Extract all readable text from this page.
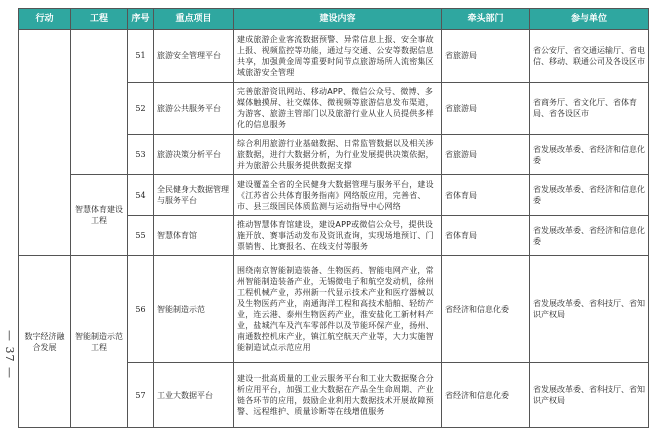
— 37 —
行动	工程	序号	重点项目	建设内容	牵头部门	参与单位
		51	旅游安全管理平台	建成旅游企业客流数据预警、异常信息上报、安全事故上报、视频监控等功能，通过与交通、公安等数据信息共享，加强黄金周等重要时间节点旅游场所人流密集区域旅游安全管理	省旅游局	省公安厅、省交通运输厅、省电信、移动、联通公司及各设区市
		52	旅游公共服务平台	完善旅游资讯网站、移动APP、微信公众号、微博、多媒体触摸屏、社交媒体、微视频等旅游信息发布渠道，为游客、旅游主管部门以及旅游行业从业人员提供多样化的信息服务	省旅游局	省商务厅、省文化厅、省体育局、省各设区市
		53	旅游决策分析平台	综合利用旅游行业基础数据、日常监管数据以及相关涉旅数据，进行大数据分析，为行业发展提供决策依据，并为旅游公共服务提供数据支撑	省旅游局	省发展改革委、省经济和信息化委
	智慧体育建设工程	54	全民健身大数据管理与服务平台	建设覆盖全省的全民健身大数据管理与服务平台，建设《江苏省公共体育服务指南》网络版应用，完善省、市、县三级国民体质监测与运动指导中心网络	省体育局	省发展改革委、省经济和信息化委
		55	智慧体育馆	推动智慧体育馆建设，建设APP或微信公众号，提供设施开放、赛事活动发布及资讯查询，实现场地预订、门票销售、比赛报名、在线支付等服务	省体育局	省发展改革委、省经济和信息化委
数字经济融合发展	智能制造示范工程	56	智能制造示范	围绕南京智能制造装备、生物医药、智能电网产业，常州智能制造装备产业，无锡微电子和航空发动机，徐州工程机械产业，苏州新一代显示技术产业和医疗器械以及生物医药产业，南通海洋工程和高技术船舶、轻纺产业，连云港、泰州生物医药产业，淮安盐化工新材料产业，盐城汽车及汽车零部件以及节能环保产业，扬州、南通数控机床产业，镇江航空航天产业等，大力实施智能制造试点示范应用	省经济和信息化委	省发展改革委、省科技厅、省知识产权局
		57	工业大数据平台	建设一批高质量的工业云服务平台和工业大数据聚合分析应用平台，加强工业大数据在产品全生命周期、产业链各环节的应用，鼓励企业利用大数据技术开展故障预警、远程维护、质量诊断等在线增值服务	省经济和信息化委	省发展改革委、省科技厅、省知识产权局
